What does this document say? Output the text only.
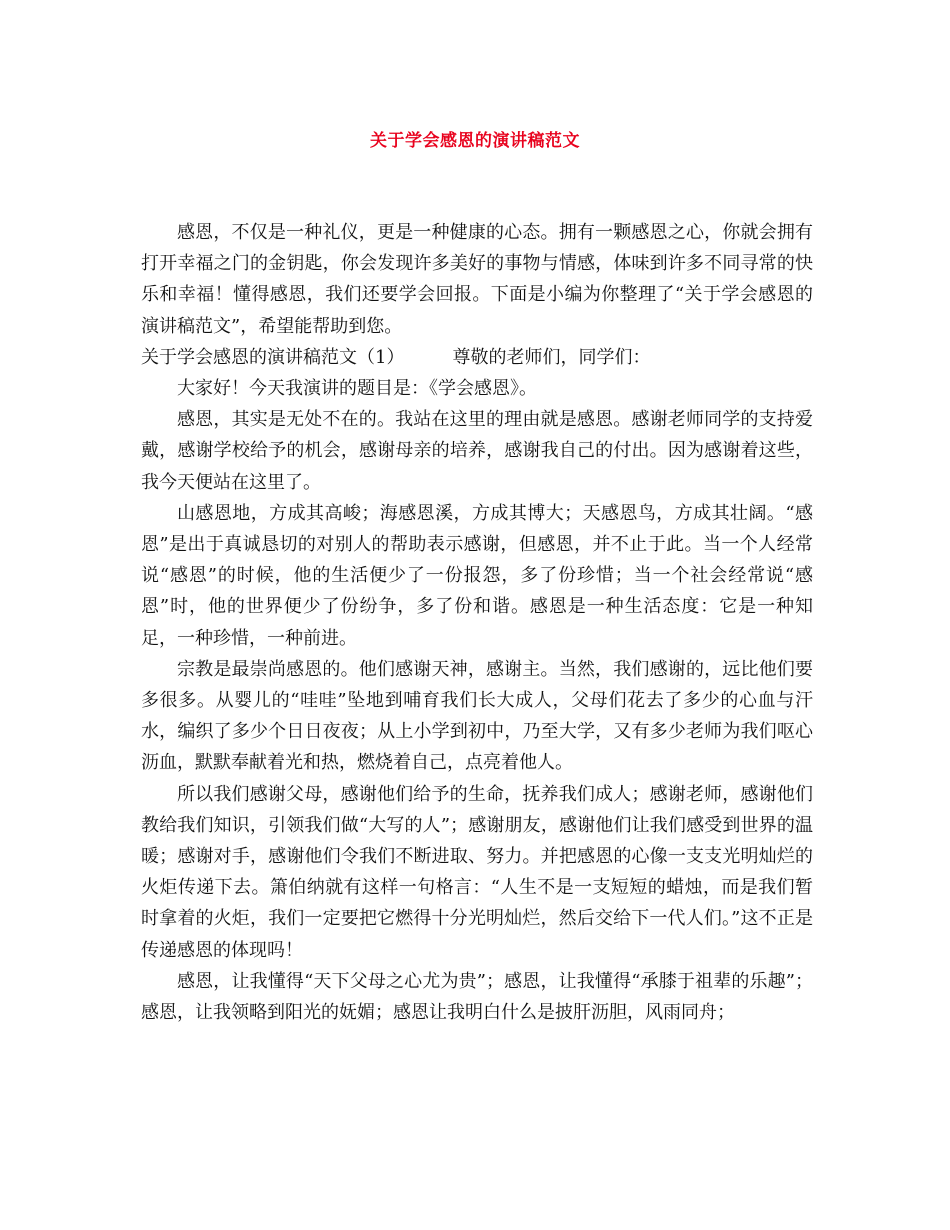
关于学会感恩的演讲稿范文

感恩，不仅是一种礼仪，更是一种健康的心态。拥有一颗感恩之心，你就会拥有打开幸福之门的金钥匙，你会发现许多美好的事物与情感，体味到许多不同寻常的快乐和幸福！懂得感恩，我们还要学会回报。下面是小编为你整理了“关于学会感恩的演讲稿范文”，希望能帮助到您。

关于学会感恩的演讲稿范文（1）	尊敬的老师们，同学们：

大家好！今天我演讲的题目是：《学会感恩》。

感恩，其实是无处不在的。我站在这里的理由就是感恩。感谢老师同学的支持爱戴，感谢学校给予的机会，感谢母亲的培养，感谢我自己的付出。因为感谢着这些，我今天便站在这里了。

山感恩地，方成其高峻；海感恩溪，方成其博大；天感恩鸟，方成其壮阔。“感恩”是出于真诚恳切的对别人的帮助表示感谢，但感恩，并不止于此。当一个人经常说“感恩”的时候，他的生活便少了一份报怨，多了份珍惜；当一个社会经常说“感恩”时，他的世界便少了份纷争，多了份和谐。感恩是一种生活态度：它是一种知足，一种珍惜，一种前进。

宗教是最崇尚感恩的。他们感谢天神，感谢主。当然，我们感谢的，远比他们要多很多。从婴儿的“哇哇”坠地到哺育我们长大成人，父母们花去了多少的心血与汗水，编织了多少个日日夜夜；从上小学到初中，乃至大学，又有多少老师为我们呕心沥血，默默奉献着光和热，燃烧着自己，点亮着他人。

所以我们感谢父母，感谢他们给予的生命，抚养我们成人；感谢老师，感谢他们教给我们知识，引领我们做“大写的人”；感谢朋友，感谢他们让我们感受到世界的温暖；感谢对手，感谢他们令我们不断进取、努力。并把感恩的心像一支支光明灿烂的火炬传递下去。箫伯纳就有这样一句格言：“人生不是一支短短的蜡烛，而是我们暂时拿着的火炬，我们一定要把它燃得十分光明灿烂，然后交给下一代人们。”这不正是传递感恩的体现吗！

感恩，让我懂得“天下父母之心尤为贵”；感恩，让我懂得“承膝于祖辈的乐趣”；感恩，让我领略到阳光的妩媚；感恩让我明白什么是披肝沥胆，风雨同舟；
